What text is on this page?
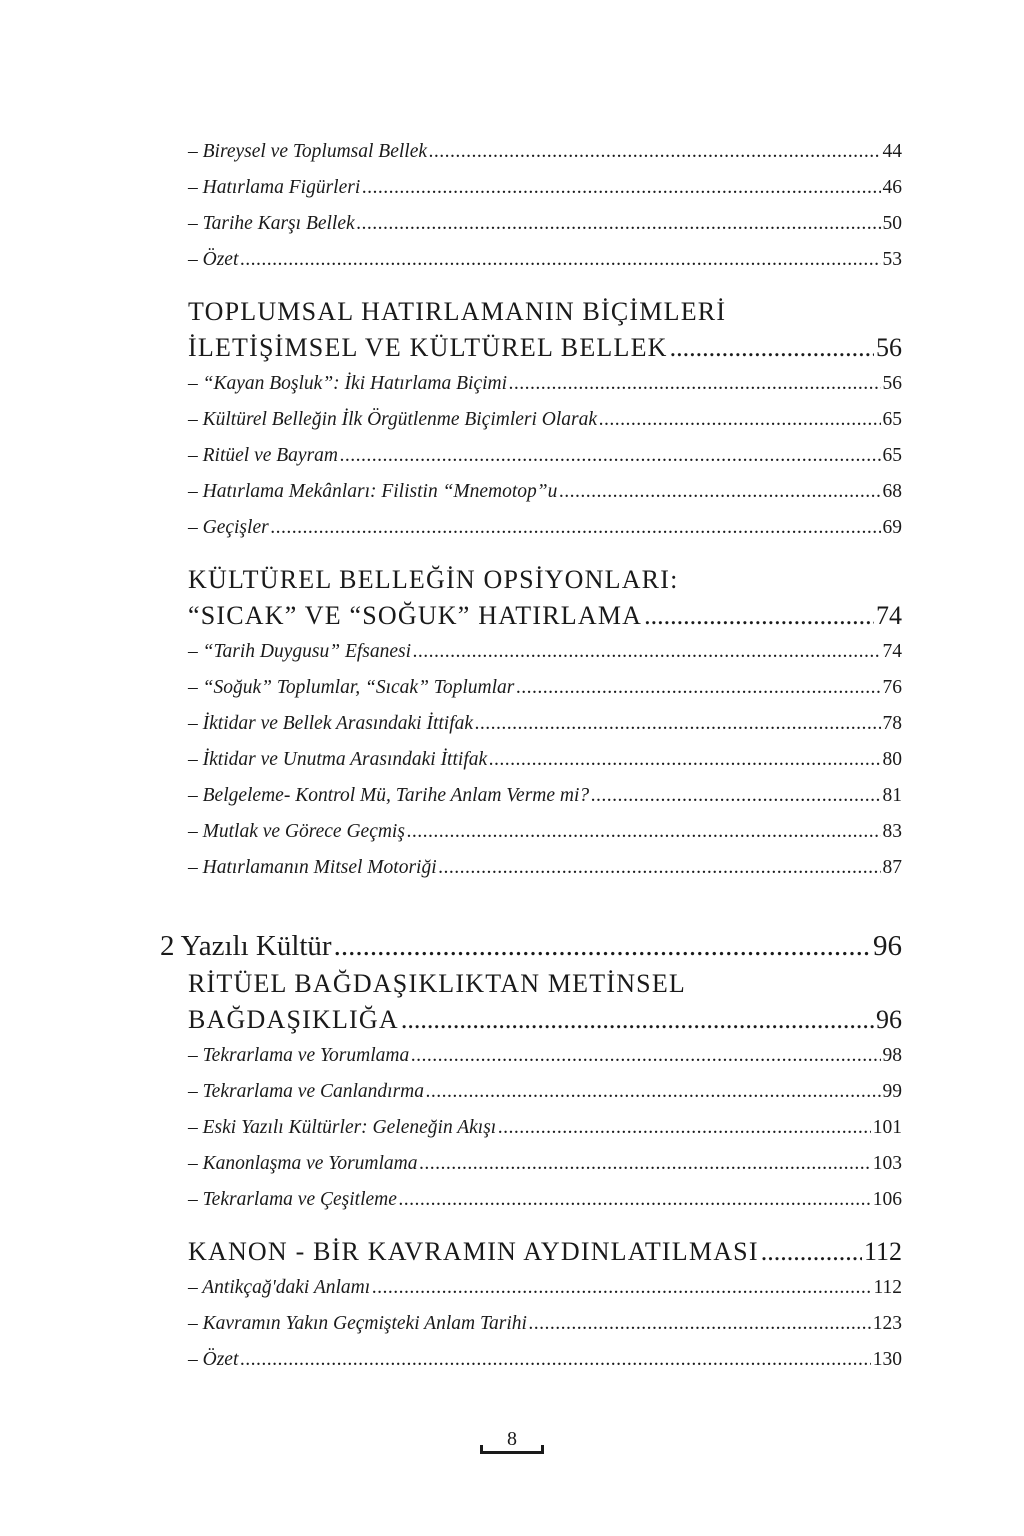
– Bireysel ve Toplumsal Bellek .....	44
– Hatırlama Figürleri .....	46
– Tarihe Karşı Bellek .....	50
– Özet .....	53
TOPLUMSAL HATIRLAMANIN BİÇİMLERİ
İLETİŞİMSEL VE KÜLTÜREL BELLEK .....	56
– “Kayan Boşluk”: İki Hatırlama Biçimi .....	56
– Kültürel Belleğin İlk Örgütlenme Biçimleri Olarak .....	65
– Ritüel ve Bayram .....	65
– Hatırlama Mekânları: Filistin “Mnemotop”u .....	68
– Geçişler .....	69
KÜLTÜREL BELLEĞİN OPSİYONLARI:
“SICAK” VE “SOĞUK” HATIRLAMA .....	74
– “Tarih Duygusu” Efsanesi .....	74
– “Soğuk” Toplumlar, “Sıcak” Toplumlar .....	76
– İktidar ve Bellek Arasındaki İttifak .....	78
– İktidar ve Unutma Arasındaki İttifak .....	80
– Belgeleme- Kontrol Mü, Tarihe Anlam Verme mi? .....	81
– Mutlak ve Görece Geçmiş .....	83
– Hatırlamanın Mitsel Motoriği .....	87
2 Yazılı Kültür .....	96
RİTÜEL BAĞDAŞIKLIKTAN METİNSEL
BAĞDAŞIKLIĞA .....	96
– Tekrarlama ve Yorumlama .....	98
– Tekrarlama ve Canlandırma .....	99
– Eski Yazılı Kültürler: Geleneğin Akışı .....	101
– Kanonlaşma ve Yorumlama .....	103
– Tekrarlama ve Çeşitleme .....	106
KANON - BİR KAVRAMIN AYDINLATILMASI .....	112
– Antikçağ'daki Anlamı .....	112
– Kavramın Yakın Geçmişteki Anlam Tarihi .....	123
– Özet .....	130
8
